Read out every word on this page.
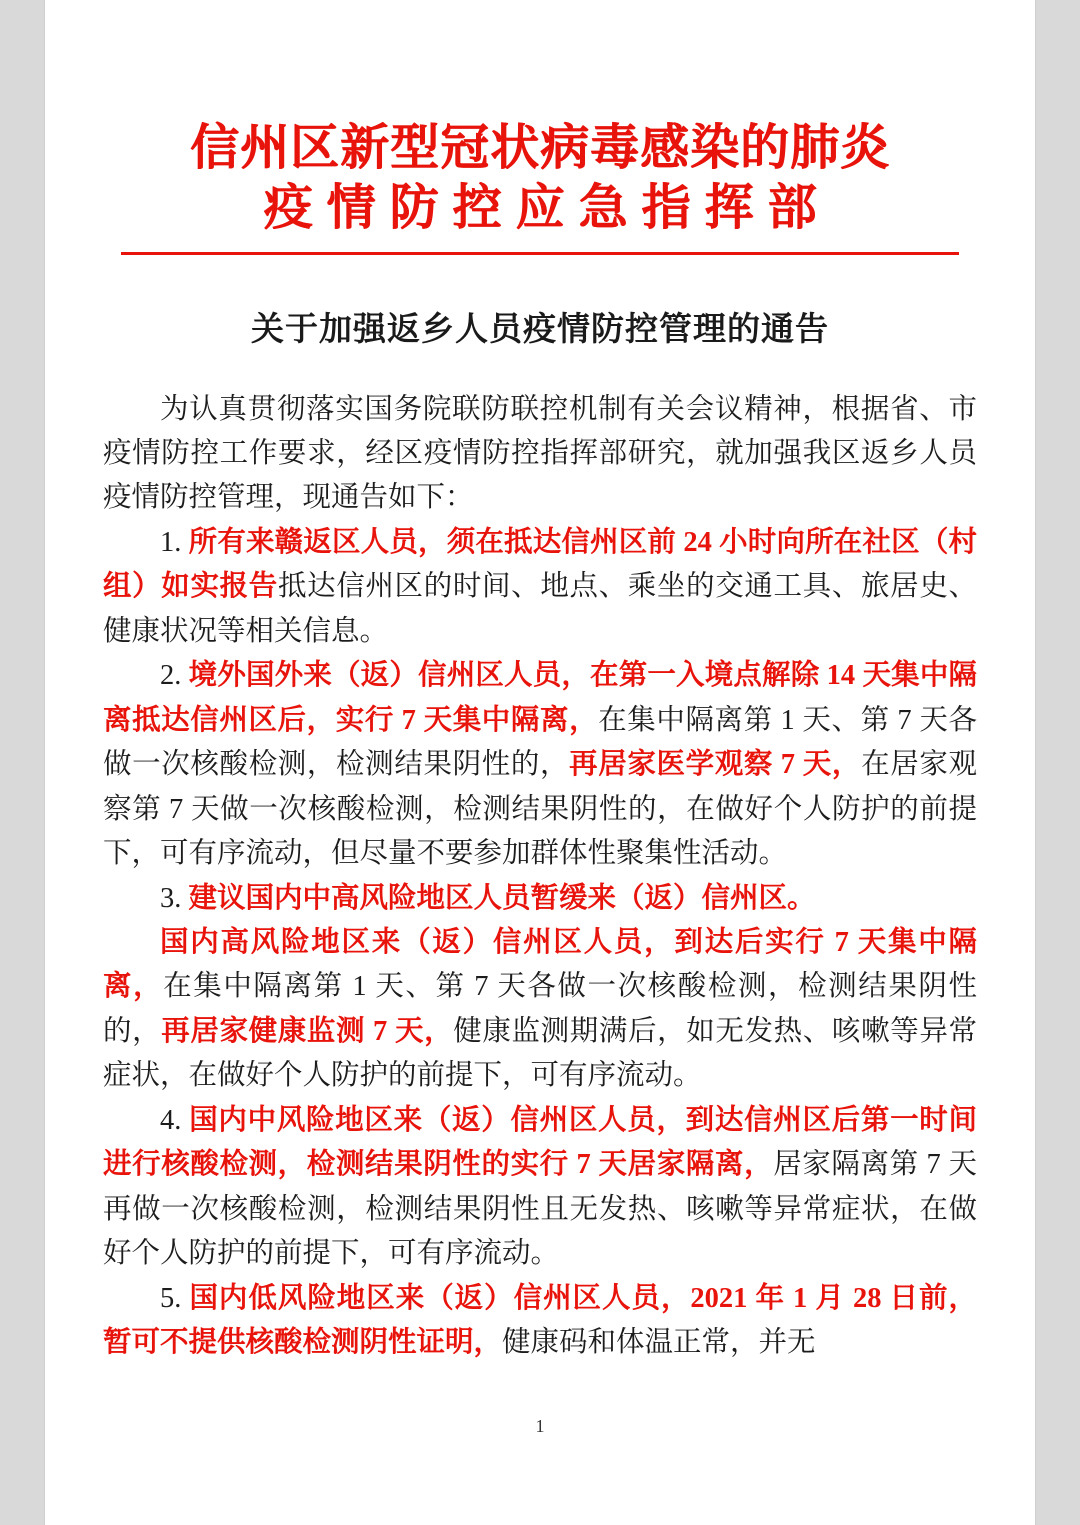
信州区新型冠状病毒感染的肺炎
疫情防控应急指挥部
关于加强返乡人员疫情防控管理的通告

为认真贯彻落实国务院联防联控机制有关会议精神，根据省、市疫情防控工作要求，经区疫情防控指挥部研究，就加强我区返乡人员疫情防控管理，现通告如下：

1. 所有来赣返区人员，须在抵达信州区前 24 小时向所在社区（村组）如实报告抵达信州区的时间、地点、乘坐的交通工具、旅居史、健康状况等相关信息。

2. 境外国外来（返）信州区人员，在第一入境点解除 14 天集中隔离抵达信州区后，实行 7 天集中隔离，在集中隔离第 1 天、第 7 天各做一次核酸检测，检测结果阴性的，再居家医学观察 7 天，在居家观察第 7 天做一次核酸检测，检测结果阴性的，在做好个人防护的前提下，可有序流动，但尽量不要参加群体性聚集性活动。

3. 建议国内中高风险地区人员暂缓来（返）信州区。

国内高风险地区来（返）信州区人员，到达后实行 7 天集中隔离，在集中隔离第 1 天、第 7 天各做一次核酸检测，检测结果阴性的，再居家健康监测 7 天，健康监测期满后，如无发热、咳嗽等异常症状，在做好个人防护的前提下，可有序流动。

4. 国内中风险地区来（返）信州区人员，到达信州区后第一时间进行核酸检测，检测结果阴性的实行 7 天居家隔离，居家隔离第 7 天再做一次核酸检测，检测结果阴性且无发热、咳嗽等异常症状，在做好个人防护的前提下，可有序流动。

5. 国内低风险地区来（返）信州区人员，2021 年 1 月 28 日前，暂可不提供核酸检测阴性证明，健康码和体温正常，并无

1
